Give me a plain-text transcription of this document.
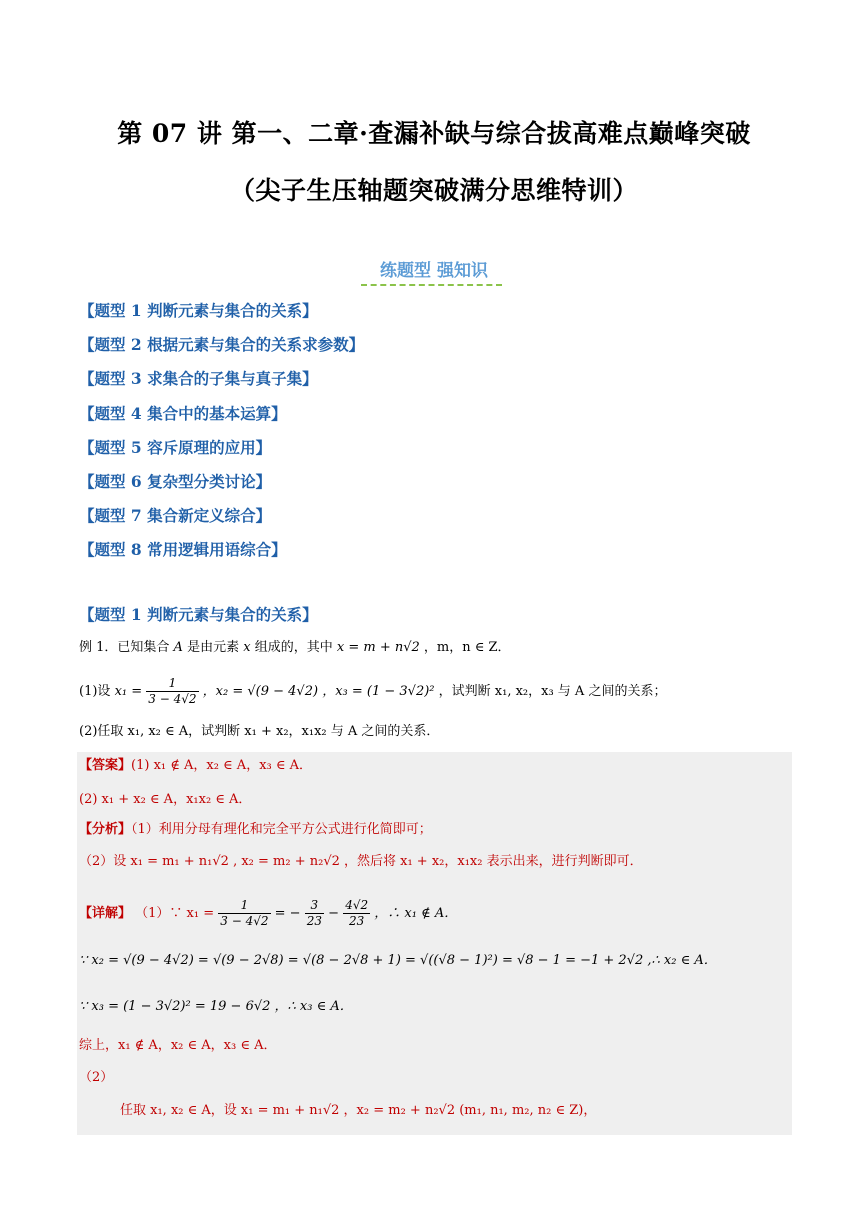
第 07 讲 第一、二章·查漏补缺与综合拔高难点巅峰突破
（尖子生压轴题突破满分思维特训）
练题型 强知识
【题型 1 判断元素与集合的关系】
【题型 2 根据元素与集合的关系求参数】
【题型 3 求集合的子集与真子集】
【题型 4 集合中的基本运算】
【题型 5 容斥原理的应用】
【题型 6 复杂型分类讨论】
【题型 7 集合新定义综合】
【题型 8 常用逻辑用语综合】
【题型 1 判断元素与集合的关系】
例 1．已知集合 A 是由元素 x 组成的，其中 x = m + n√2 ，m，n ∈ Z．
(1)设 $x_1 = \frac{1}{3 - 4√2}$ ，x₂ = √(9 − 4√2) ，x₃ = (1 − 3√2)² ，试判断 x₁, x₂，x₃ 与 A 之间的关系；
(2)任取 x₁, x₂ ∈ A，试判断 x₁ + x₂，x₁x₂ 与 A 之间的关系．
【答案】(1) x₁ ∉ A，x₂ ∈ A，x₃ ∈ A．
(2) x₁ + x₂ ∈ A，x₁x₂ ∈ A．
【分析】（1）利用分母有理化和完全平方公式进行化简即可；
（2）设 x₁ = m₁ + n₁√2 , x₂ = m₂ + n₂√2 ，然后将 x₁ + x₂，x₁x₂ 表示出来，进行判断即可．
【详解】 （1）∵ $x_1 = \frac{1}{3 - 4√2}$ = − $\frac{3}{23} - \frac{4√2}{23}$ ，∴ x₁ ∉ A．
∵ x₂ = √(9 − 4√2) = √(9 − 2√8) = √(8 − 2√8 + 1) = √((√8 − 1)²) = √8 − 1 = −1 + 2√2 ,∴ x₂ ∈ A．
∵ x₃ = (1 − 3√2)² = 19 − 6√2 ，∴ x₃ ∈ A．
综上，x₁ ∉ A，x₂ ∈ A，x₃ ∈ A．
（2）
任取 x₁, x₂ ∈ A，设 x₁ = m₁ + n₁√2 ，x₂ = m₂ + n₂√2 (m₁, n₁, m₂, n₂ ∈ Z)，
